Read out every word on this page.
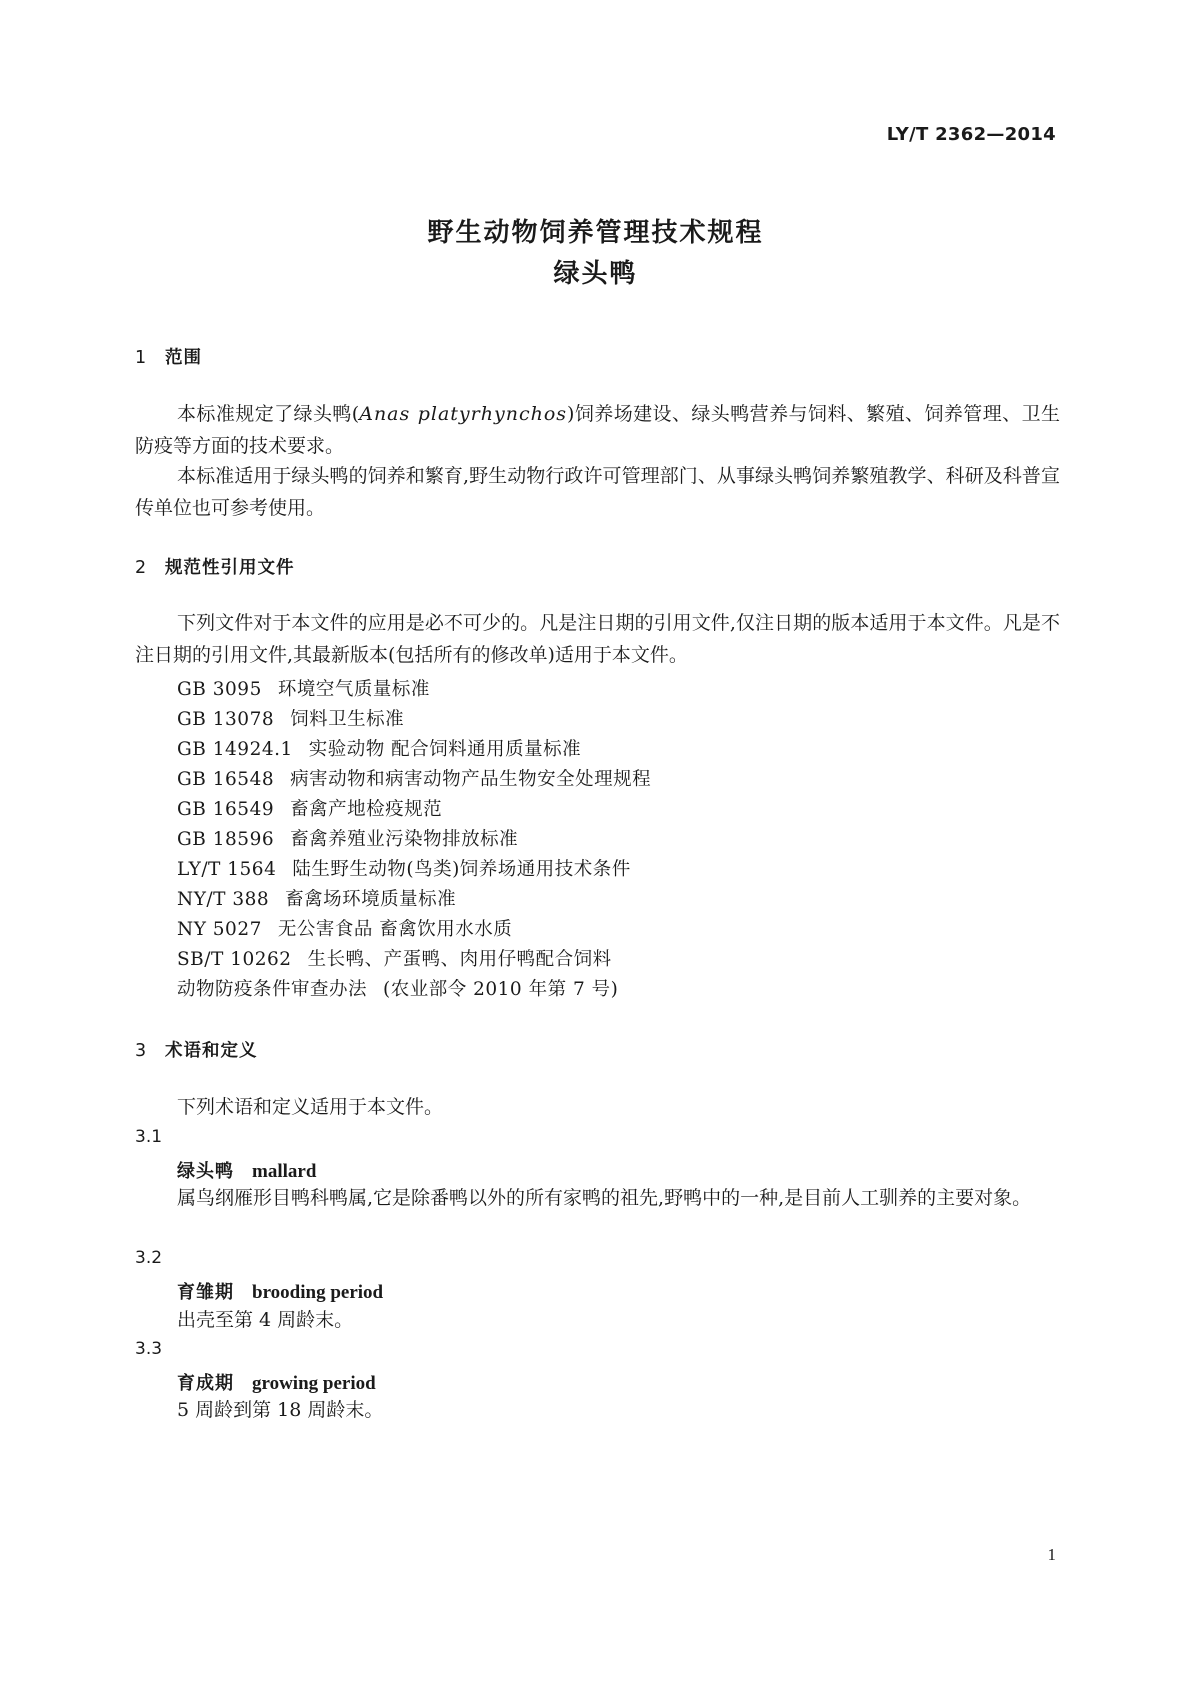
LY/T 2362—2014
野生动物饲养管理技术规程
绿头鸭
1 范围
本标准规定了绿头鸭(Anas platyrhynchos)饲养场建设、绿头鸭营养与饲料、繁殖、饲养管理、卫生防疫等方面的技术要求。
本标准适用于绿头鸭的饲养和繁育,野生动物行政许可管理部门、从事绿头鸭饲养繁殖教学、科研及科普宣传单位也可参考使用。
2 规范性引用文件
下列文件对于本文件的应用是必不可少的。凡是注日期的引用文件,仅注日期的版本适用于本文件。凡是不注日期的引用文件,其最新版本(包括所有的修改单)适用于本文件。
GB 3095 环境空气质量标准
GB 13078 饲料卫生标准
GB 14924.1 实验动物 配合饲料通用质量标准
GB 16548 病害动物和病害动物产品生物安全处理规程
GB 16549 畜禽产地检疫规范
GB 18596 畜禽养殖业污染物排放标准
LY/T 1564 陆生野生动物(鸟类)饲养场通用技术条件
NY/T 388 畜禽场环境质量标准
NY 5027 无公害食品 畜禽饮用水水质
SB/T 10262 生长鸭、产蛋鸭、肉用仔鸭配合饲料
动物防疫条件审查办法 (农业部令 2010 年第 7 号)
3 术语和定义
下列术语和定义适用于本文件。
3.1
绿头鸭 mallard
属鸟纲雁形目鸭科鸭属,它是除番鸭以外的所有家鸭的祖先,野鸭中的一种,是目前人工驯养的主要对象。
3.2
育雏期 brooding period
出壳至第 4 周龄末。
3.3
育成期 growing period
5 周龄到第 18 周龄末。
1
